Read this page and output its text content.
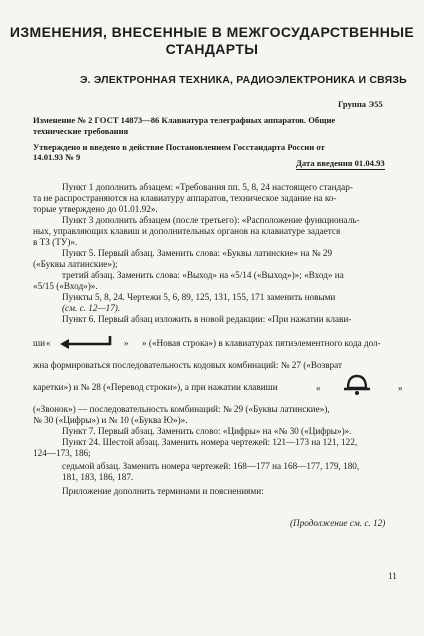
ИЗМЕНЕНИЯ, ВНЕСЕННЫЕ В МЕЖГОСУДАРСТВЕННЫЕ
СТАНДАРТЫ
Э. ЭЛЕКТРОННАЯ ТЕХНИКА, РАДИОЭЛЕКТРОНИКА И СВЯЗЬ
Группа Э55
Изменение № 2 ГОСТ 14873—86 Клавиатура телеграфных аппаратов. Общие
технические требования
Утверждено и введено в действие Постановлением Госстандарта России от
14.01.93 № 9
Дата введения 01.04.93
Пункт 1 дополнить абзацем: «Требования пп. 5, 8, 24 настоящего стандар-
та не распространяются на клавиатуру аппаратов, техническое задание на ко-
торые утверждено до 01.01.92».
Пункт 3 дополнить абзацем (после третьего): «Расположение функциональ-
ных, управляющих клавиш и дополнительных органов на клавиатуре задается
в ТЗ (ТУ)».
Пункт 5. Первый абзац. Заменить слова: «Буквы латинские» на № 29
(«Буквы латинские»);
третий абзац. Заменить слова: «Выход» на «5/14 («Выход»)»; «Вход» на
«5/15 («Вход»)».
Пункты 5, 8, 24. Чертежи 5, 6, 89, 125, 131, 155, 171 заменить новыми
(см. с. 12—17).
Пункт 6. Первый абзац изложить в новой редакции: «При нажатии клави-
ши «	» » («Новая строка») в клавиатурах пятиэлементного кода дол-
жна формироваться последовательность кодовых комбинаций: № 27 («Возврат
каретки») и № 28 («Перевод строки»), а при нажатии клавиши	«	»
(«Звонок») — последовательность комбинаций: № 29 («Буквы латинские»),
№ 30 («Цифры») и № 10 («Буква Ю»)».
Пункт 7. Первый абзац. Заменить слово: «Цифры» на «№ 30 («Цифры»)».
Пункт 24. Шестой абзац. Заменить номера чертежей: 121—173 на 121, 122,
124—173, 186;
седьмой абзац. Заменить номера чертежей: 168—177 на 168—177, 179, 180,
181, 183, 186, 187.
Приложение дополнить терминами и пояснениями:
(Продолжение см. с. 12)
11
